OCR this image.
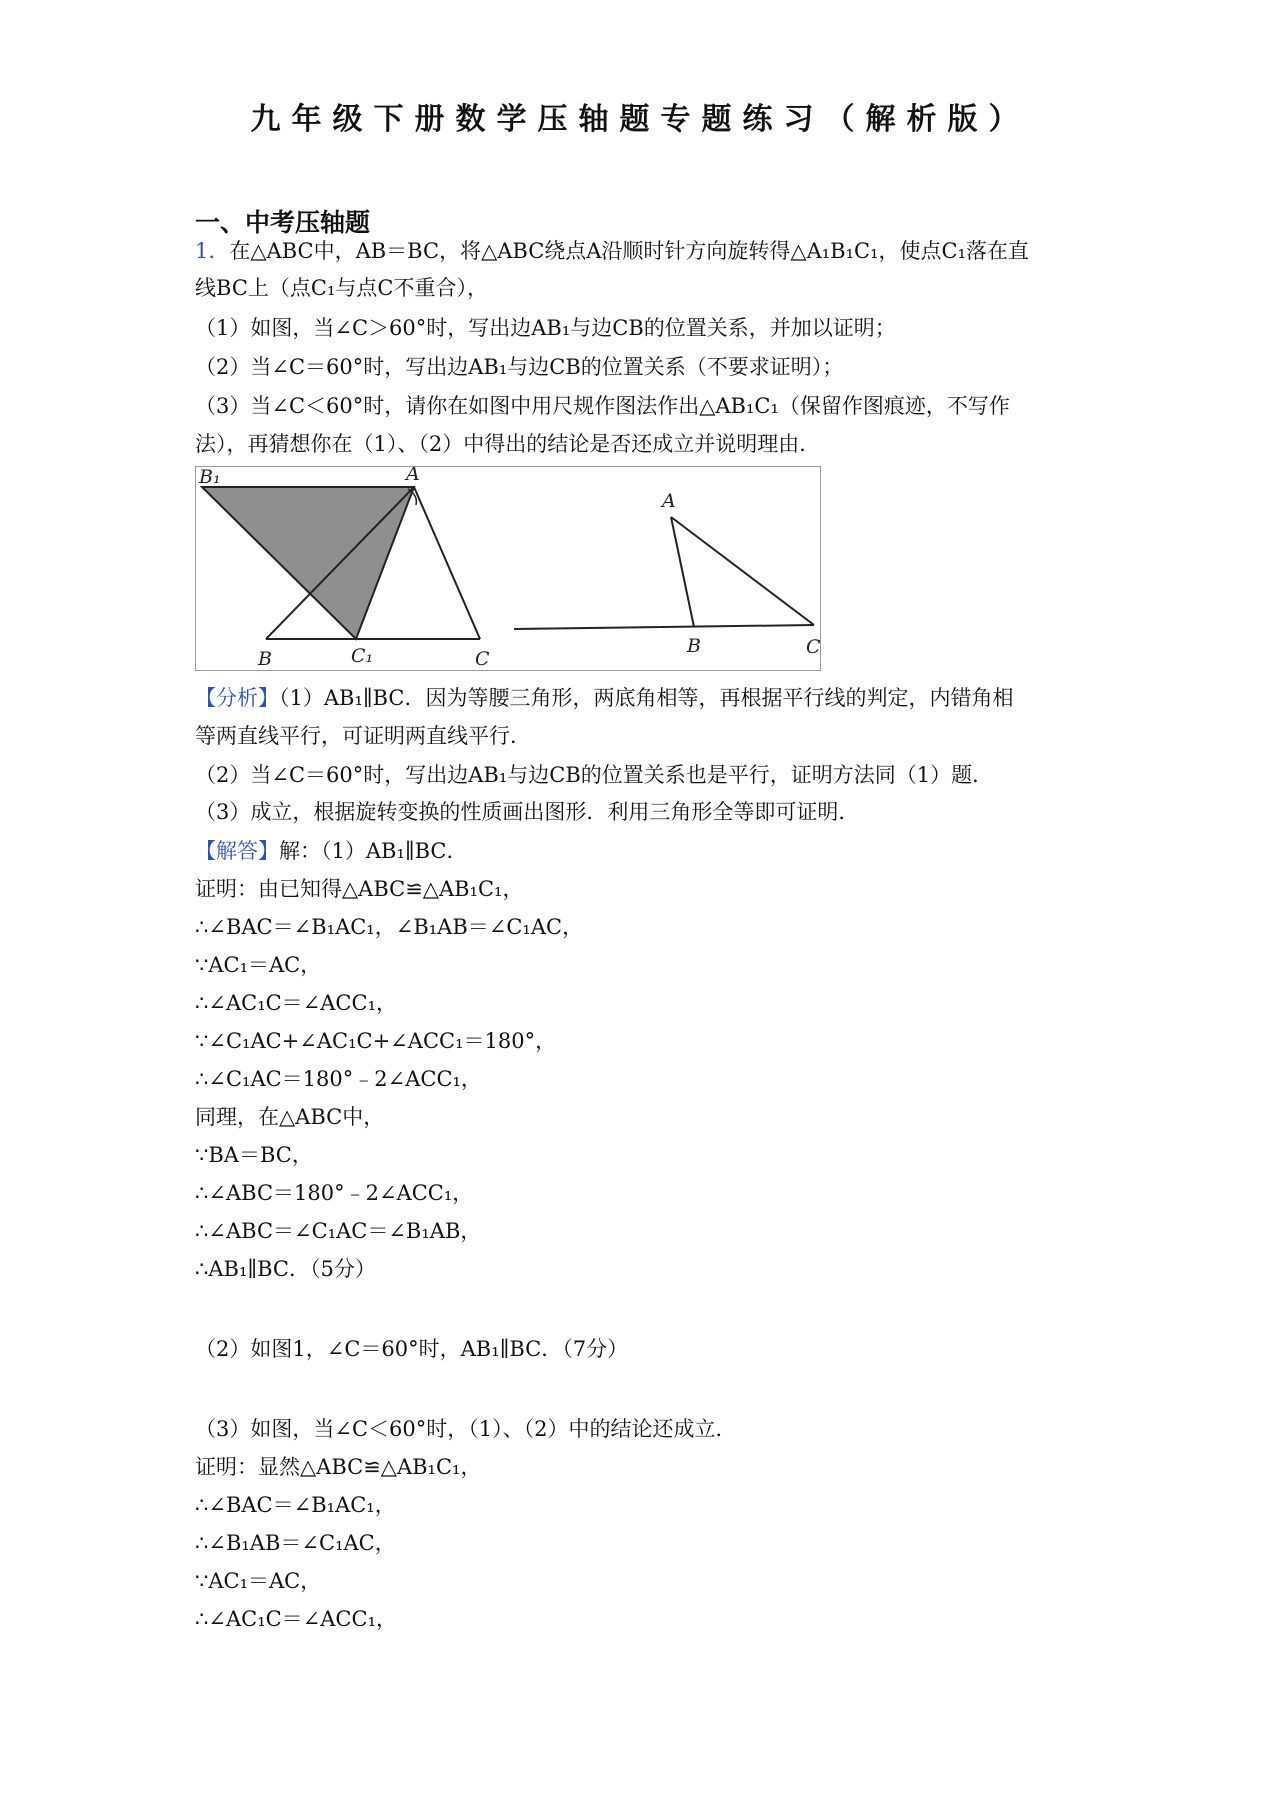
九年级下册数学压轴题专题练习（解析版）
一、中考压轴题
1．在△ABC中，AB＝BC，将△ABC绕点A沿顺时针方向旋转得△A₁B₁C₁，使点C₁落在直
线BC上（点C₁与点C不重合），
（1）如图，当∠C＞60°时，写出边AB₁与边CB的位置关系，并加以证明；
（2）当∠C＝60°时，写出边AB₁与边CB的位置关系（不要求证明）；
（3）当∠C＜60°时，请你在如图中用尺规作图法作出△AB₁C₁（保留作图痕迹，不写作
法），再猜想你在（1）、（2）中得出的结论是否还成立并说明理由．
B₁	A
B	C₁	C
A
B	C
【分析】（1）AB₁∥BC．因为等腰三角形，两底角相等，再根据平行线的判定，内错角相
等两直线平行，可证明两直线平行．
（2）当∠C＝60°时，写出边AB₁与边CB的位置关系也是平行，证明方法同（1）题．
（3）成立，根据旋转变换的性质画出图形．利用三角形全等即可证明．
【解答】解：（1）AB₁∥BC．
证明：由已知得△ABC≌△AB₁C₁，
∴∠BAC＝∠B₁AC₁，∠B₁AB＝∠C₁AC，
∵AC₁＝AC，
∴∠AC₁C＝∠ACC₁，
∵∠C₁AC+∠AC₁C+∠ACC₁＝180°，
∴∠C₁AC＝180°﹣2∠ACC₁，
同理，在△ABC中，
∵BA＝BC，
∴∠ABC＝180°﹣2∠ACC₁，
∴∠ABC＝∠C₁AC＝∠B₁AB，
∴AB₁∥BC．（5分）
（2）如图1，∠C＝60°时，AB₁∥BC．（7分）
（3）如图，当∠C＜60°时，（1）、（2）中的结论还成立．
证明：显然△ABC≌△AB₁C₁，
∴∠BAC＝∠B₁AC₁，
∴∠B₁AB＝∠C₁AC，
∵AC₁＝AC，
∴∠AC₁C＝∠ACC₁，
